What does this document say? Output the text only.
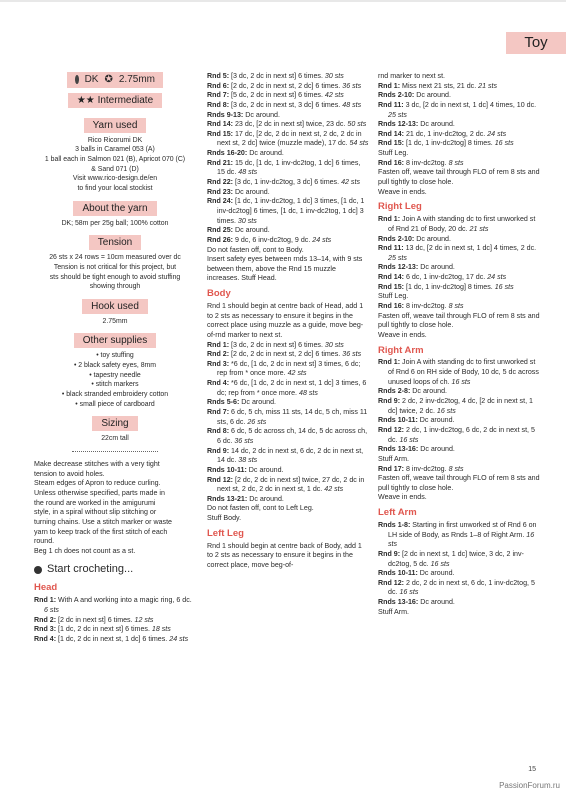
Toy
DK ✪ 2.75mm
★★ Intermediate
Yarn used
Rico Ricorumi DK
3 balls in Caramel 053 (A)
1 ball each in Salmon 021 (B), Apricot 070 (C)
& Sand 071 (D)
Visit www.rico-design.de/en
to find your local stockist
About the yarn
DK; 58m per 25g ball; 100% cotton
Tension
26 sts x 24 rows = 10cm measured over dc
Tension is not critical for this project, but
sts should be tight enough to avoid stuffing
showing through
Hook used
2.75mm
Other supplies
• toy stuffing
• 2 black safety eyes, 8mm
• tapestry needle
• stitch markers
• black stranded embroidery cotton
• small piece of cardboard
Sizing
22cm tall
Make decrease stitches with a very tight
tension to avoid holes.
Steam edges of Apron to reduce curling.
Unless otherwise specified, parts made in
the round are worked in the amigurumi
style, in a spiral without slip stitching or
turning chains. Use a stitch marker or waste
yarn to keep track of the first stitch of each
round.
Beg 1 ch does not count as a st.
Start crocheting...
Head
Rnd 1: With A and working into a magic ring, 6 dc. 6 sts
Rnd 2: [2 dc in next st] 6 times. 12 sts
Rnd 3: [1 dc, 2 dc in next st] 6 times. 18 sts
Rnd 4: [1 dc, 2 dc in next st, 1 dc] 6 times. 24 sts
Rnd 5: [3 dc, 2 dc in next st] 6 times. 30 sts
Rnd 6: [2 dc, 2 dc in next st, 2 dc] 6 times. 36 sts
Rnd 7: [5 dc, 2 dc in next st] 6 times. 42 sts
Rnd 8: [3 dc, 2 dc in next st, 3 dc] 6 times. 48 sts
Rnds 9-13: Dc around.
Rnd 14: 23 dc, [2 dc in next st] twice, 23 dc. 50 sts
Rnd 15: 17 dc, [2 dc, 2 dc in next st, 2 dc, 2 dc in next st, 2 dc] twice (muzzle made), 17 dc. 54 sts
Rnds 16-20: Dc around.
Rnd 21: 15 dc, [1 dc, 1 inv-dc2tog, 1 dc] 6 times, 15 dc. 48 sts
Rnd 22: [3 dc, 1 inv-dc2tog, 3 dc] 6 times. 42 sts
Rnd 23: Dc around.
Rnd 24: [1 dc, 1 inv-dc2tog, 1 dc] 3 times, [1 dc, 1 inv-dc2tog] 6 times, [1 dc, 1 inv-dc2tog, 1 dc] 3 times. 30 sts
Rnd 25: Dc around.
Rnd 26: 9 dc, 6 inv-dc2tog, 9 dc. 24 sts
Do not fasten off, cont to Body.
Insert safety eyes between rnds 13–14, with 9 sts between them, above the Rnd 15 muzzle increases. Stuff Head.
Body
Rnd 1 should begin at centre back of Head, add 1 to 2 sts as necessary to ensure it begins in the correct place using muzzle as a guide, move beg-of-rnd marker to next st.
Rnd 1: [3 dc, 2 dc in next st] 6 times. 30 sts
Rnd 2: [2 dc, 2 dc in next st, 2 dc] 6 times. 36 sts
Rnd 3: *6 dc, [1 dc, 2 dc in next st] 3 times, 6 dc; rep from * once more. 42 sts
Rnd 4: *6 dc, [1 dc, 2 dc in next st, 1 dc] 3 times, 6 dc; rep from * once more. 48 sts
Rnds 5-6: Dc around.
Rnd 7: 6 dc, 5 ch, miss 11 sts, 14 dc, 5 ch, miss 11 sts, 6 dc. 26 sts
Rnd 8: 6 dc, 5 dc across ch, 14 dc, 5 dc across ch, 6 dc. 36 sts
Rnd 9: 14 dc, 2 dc in next st, 6 dc, 2 dc in next st, 14 dc. 38 sts
Rnds 10-11: Dc around.
Rnd 12: [2 dc, 2 dc in next st] twice, 27 dc, 2 dc in next st, 2 dc, 2 dc in next st, 1 dc. 42 sts
Rnds 13-21: Dc around.
Do not fasten off, cont to Left Leg.
Stuff Body.
Left Leg
Rnd 1 should begin at centre back of Body, add 1 to 2 sts as necessary to ensure it begins in the correct place, move beg-of-
rnd marker to next st.
Rnd 1: Miss next 21 sts, 21 dc. 21 sts
Rnds 2-10: Dc around.
Rnd 11: 3 dc, [2 dc in next st, 1 dc] 4 times, 10 dc. 25 sts
Rnds 12-13: Dc around.
Rnd 14: 21 dc, 1 inv-dc2tog, 2 dc. 24 sts
Rnd 15: [1 dc, 1 inv-dc2tog] 8 times. 16 sts
Stuff Leg.
Rnd 16: 8 inv-dc2tog. 8 sts
Fasten off, weave tail through FLO of rem 8 sts and pull tightly to close hole.
Weave in ends.
Right Leg
Rnd 1: Join A with standing dc to first unworked st of Rnd 21 of Body, 20 dc. 21 sts
Rnds 2-10: Dc around.
Rnd 11: 13 dc, [2 dc in next st, 1 dc] 4 times, 2 dc. 25 sts
Rnds 12-13: Dc around.
Rnd 14: 6 dc, 1 inv-dc2tog, 17 dc. 24 sts
Rnd 15: [1 dc, 1 inv-dc2tog] 8 times. 16 sts
Stuff Leg.
Rnd 16: 8 inv-dc2tog. 8 sts
Fasten off, weave tail through FLO of rem 8 sts and pull tightly to close hole.
Weave in ends.
Right Arm
Rnd 1: Join A with standing dc to first unworked st of Rnd 6 on RH side of Body, 10 dc, 5 dc across unused loops of ch. 16 sts
Rnds 2-8: Dc around.
Rnd 9: 2 dc, 2 inv-dc2tog, 4 dc, [2 dc in next st, 1 dc] twice, 2 dc. 16 sts
Rnds 10-11: Dc around.
Rnd 12: 2 dc, 1 inv-dc2tog, 6 dc, 2 dc in next st, 5 dc. 16 sts
Rnds 13-16: Dc around.
Stuff Arm.
Rnd 17: 8 inv-dc2tog. 8 sts
Fasten off, weave tail through FLO of rem 8 sts and pull tightly to close hole.
Weave in ends.
Left Arm
Rnds 1-8: Starting in first unworked st of Rnd 6 on LH side of Body, as Rnds 1–8 of Right Arm. 16 sts
Rnd 9: [2 dc in next st, 1 dc] twice, 3 dc, 2 inv-dc2tog, 5 dc. 16 sts
Rnds 10-11: Dc around.
Rnd 12: 2 dc, 2 dc in next st, 6 dc, 1 inv-dc2tog, 5 dc. 16 sts
Rnds 13-16: Dc around.
Stuff Arm.
15
PassionForum.ru
